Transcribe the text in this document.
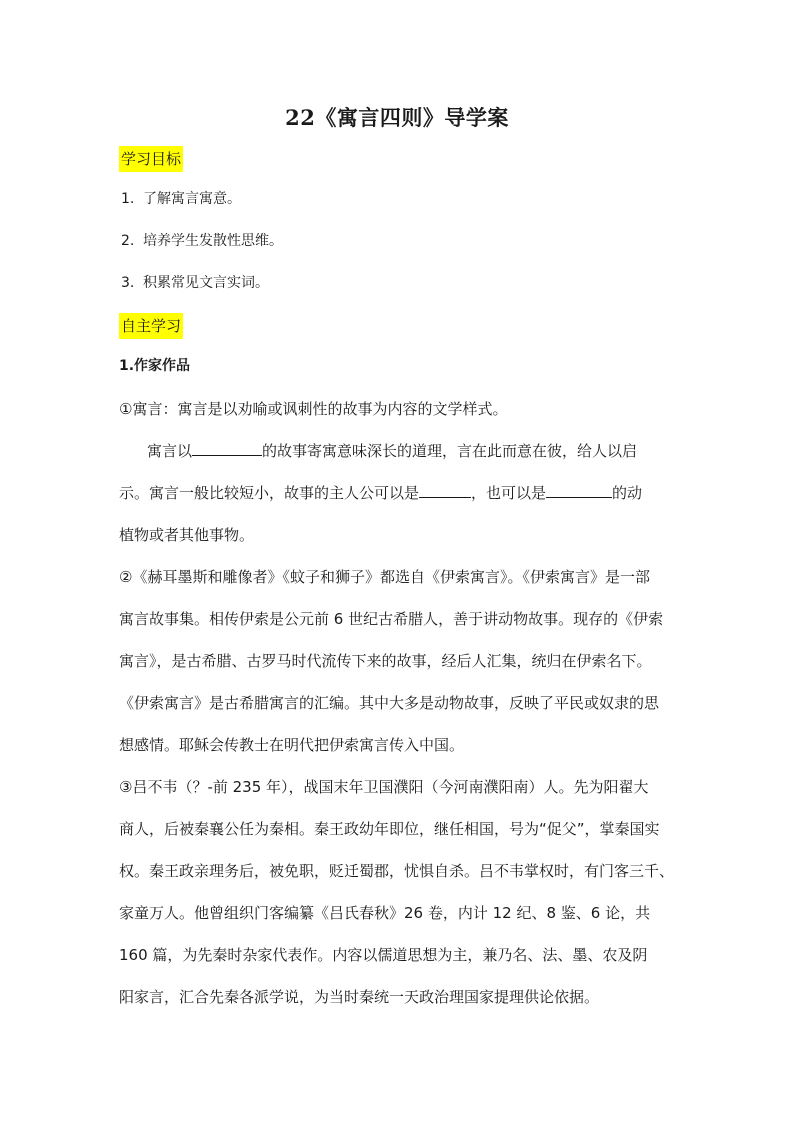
22《寓言四则》导学案
学习目标
1. 了解寓言寓意。
2. 培养学生发散性思维。
3. 积累常见文言实词。
自主学习
1.作家作品
①寓言：寓言是以劝喻或讽刺性的故事为内容的文学样式。
寓言以	的故事寄寓意味深长的道理，言在此而意在彼，给人以启
示。寓言一般比较短小，故事的主人公可以是	，也可以是	的动
植物或者其他事物。
②《赫耳墨斯和雕像者》《蚊子和狮子》都选自《伊索寓言》。《伊索寓言》是一部
寓言故事集。相传伊索是公元前 6 世纪古希腊人，善于讲动物故事。现存的《伊索
寓言》，是古希腊、古罗马时代流传下来的故事，经后人汇集，统归在伊索名下。
《伊索寓言》是古希腊寓言的汇编。其中大多是动物故事，反映了平民或奴隶的思
想感情。耶稣会传教士在明代把伊索寓言传入中国。
③吕不韦（？-前 235 年），战国末年卫国濮阳（今河南濮阳南）人。先为阳翟大
商人，后被秦襄公任为秦相。秦王政幼年即位，继任相国，号为“促父”，掌秦国实
权。秦王政亲理务后，被免职，贬迁蜀郡，忧惧自杀。吕不韦掌权时，有门客三千、
家童万人。他曾组织门客编纂《吕氏春秋》26 卷，内计 12 纪、8 鉴、6 论，共
160 篇，为先秦时杂家代表作。内容以儒道思想为主，兼乃名、法、墨、农及阴
阳家言，汇合先秦各派学说，为当时秦统一天政治理国家提理供论依据。
